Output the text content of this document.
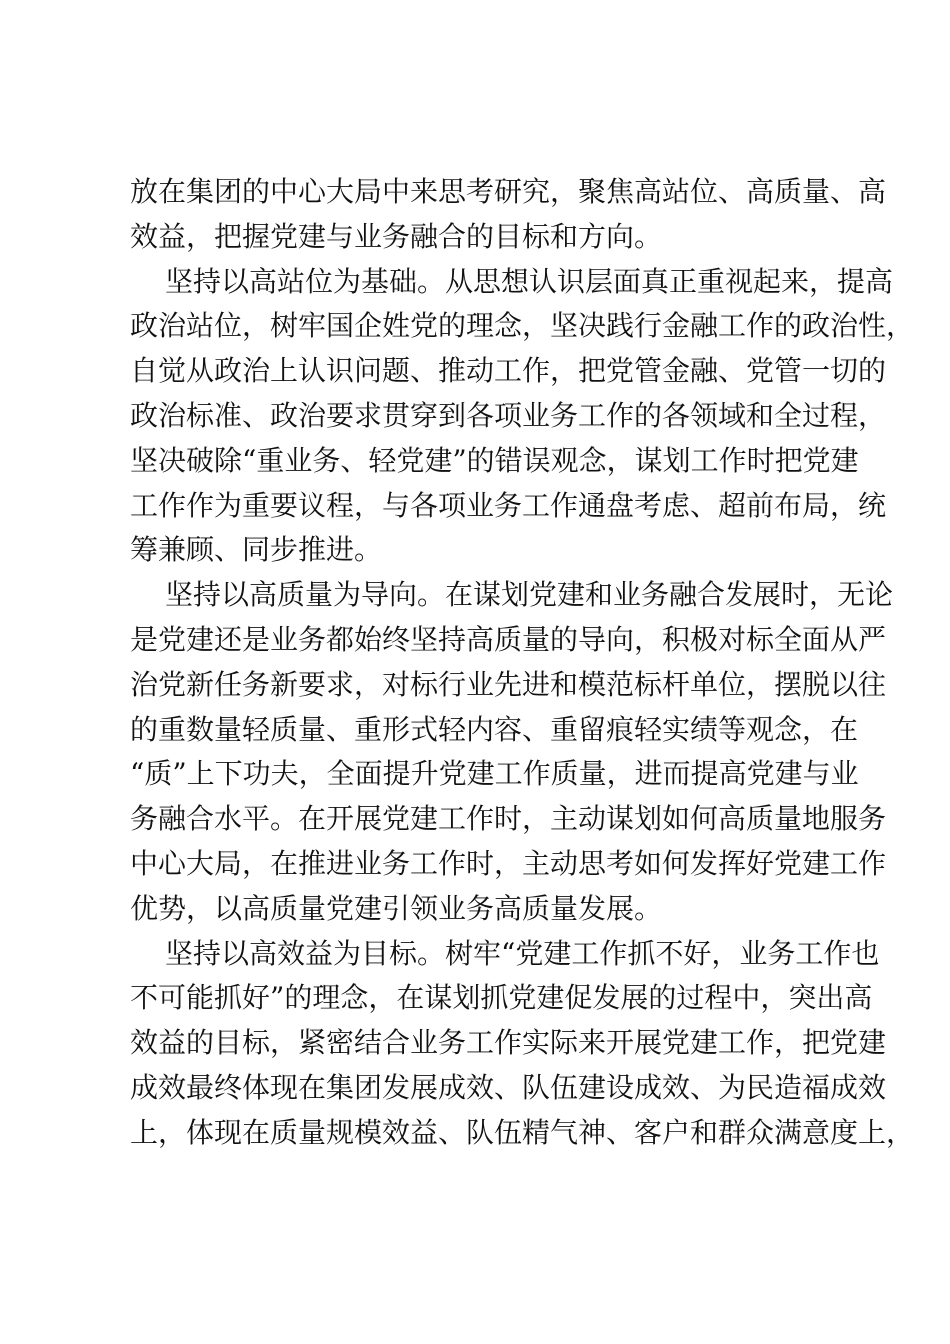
放在集团的中心大局中来思考研究，聚焦高站位、高质量、高
效益，把握党建与业务融合的目标和方向。
坚持以高站位为基础。从思想认识层面真正重视起来，提高
政治站位，树牢国企姓党的理念，坚决践行金融工作的政治性，
自觉从政治上认识问题、推动工作，把党管金融、党管一切的
政治标准、政治要求贯穿到各项业务工作的各领域和全过程，
坚决破除“重业务、轻党建”的错误观念，谋划工作时把党建
工作作为重要议程，与各项业务工作通盘考虑、超前布局，统
筹兼顾、同步推进。
坚持以高质量为导向。在谋划党建和业务融合发展时，无论
是党建还是业务都始终坚持高质量的导向，积极对标全面从严
治党新任务新要求，对标行业先进和模范标杆单位，摆脱以往
的重数量轻质量、重形式轻内容、重留痕轻实绩等观念，在
“质”上下功夫，全面提升党建工作质量，进而提高党建与业
务融合水平。在开展党建工作时，主动谋划如何高质量地服务
中心大局，在推进业务工作时，主动思考如何发挥好党建工作
优势，以高质量党建引领业务高质量发展。
坚持以高效益为目标。树牢“党建工作抓不好，业务工作也
不可能抓好”的理念，在谋划抓党建促发展的过程中，突出高
效益的目标，紧密结合业务工作实际来开展党建工作，把党建
成效最终体现在集团发展成效、队伍建设成效、为民造福成效
上，体现在质量规模效益、队伍精气神、客户和群众满意度上，
